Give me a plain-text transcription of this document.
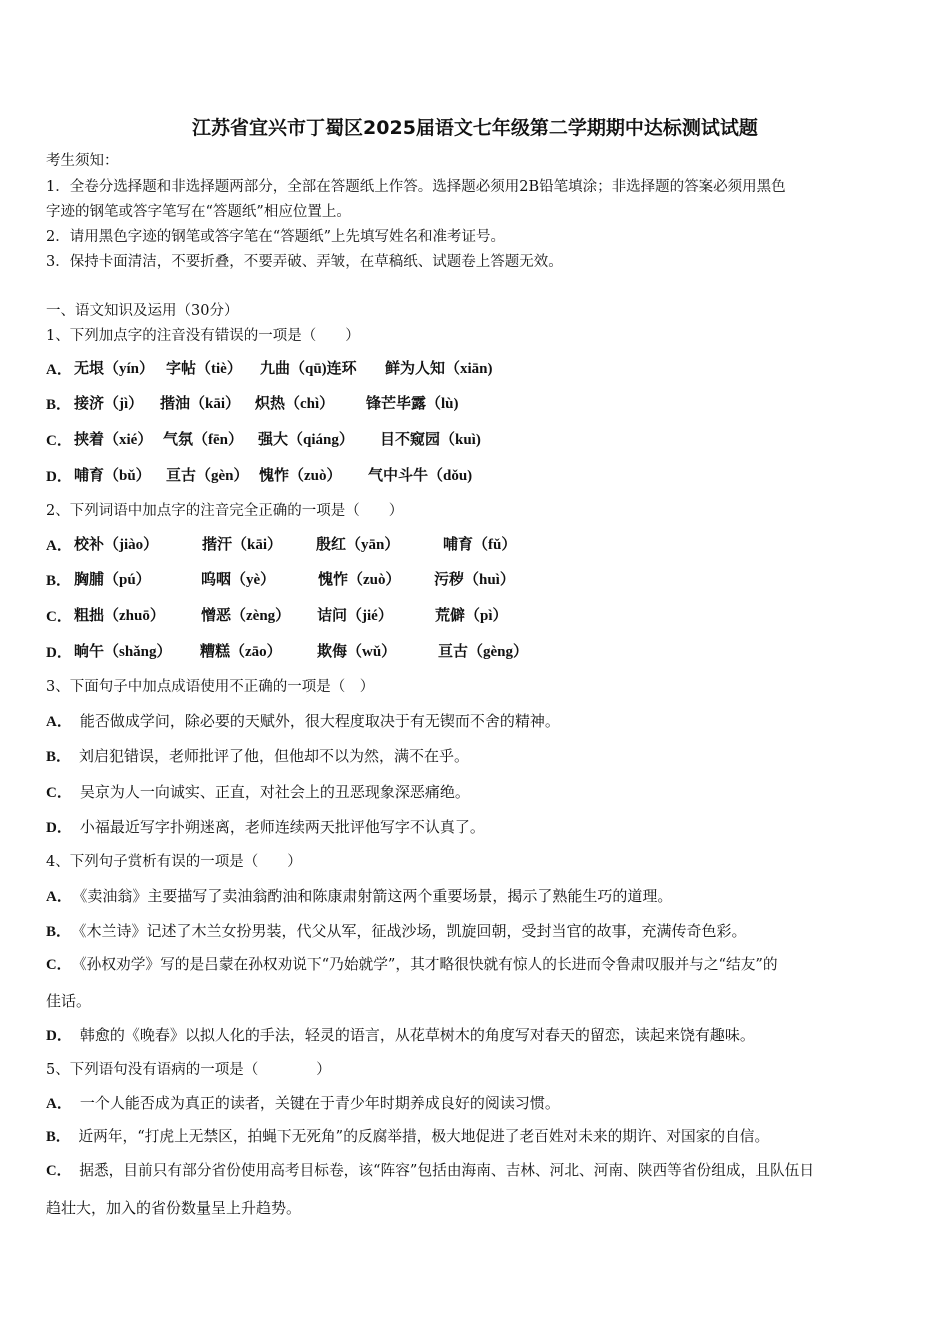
江苏省宜兴市丁蜀区2025届语文七年级第二学期期中达标测试试题
考生须知：
1．全卷分选择题和非选择题两部分，全部在答题纸上作答。选择题必须用2B铅笔填涂；非选择题的答案必须用黑色
字迹的钢笔或答字笔写在“答题纸”相应位置上。
2．请用黑色字迹的钢笔或答字笔在“答题纸”上先填写姓名和准考证号。
3．保持卡面清洁，不要折叠，不要弄破、弄皱，在草稿纸、试题卷上答题无效。
一、语文知识及运用（30分）
1、下列加点字的注音没有错误的一项是（　　）
A． 无垠（yín） 字帖（tiè） 九曲（qū)连环 鲜为人知（xiān)
B． 接济（jì） 揩油（kāi） 炽热（chì） 锋芒毕露（lù)
C． 挟着（xié） 气氛（fēn） 强大（qiáng） 目不窥园（kuì)
D． 哺育（bǔ） 亘古（gèn） 愧怍（zuò） 气中斗牛（dǒu)
2、下列词语中加点字的注音完全正确的一项是（　　）
A． 校补（jiào）	揩汗（kāi） 殷红（yān）	哺育（fǔ）
B． 胸脯（pú）	呜咽（yè）	愧怍（zuò） 污秽（huì）
C． 粗拙（zhuō） 憎恶（zèng） 诘问（jié）	荒僻（pì）
D． 晌午（shǎng） 糟糕（zāo） 欺侮（wǔ）	亘古（gèng）
3、下面句子中加点成语使用不正确的一项是（　）
A． 能否做成学问，除必要的天赋外，很大程度取决于有无锲而不舍的精神。
B． 刘启犯错误，老师批评了他，但他却不以为然，满不在乎。
C． 吴京为人一向诚实、正直，对社会上的丑恶现象深恶痛绝。
D． 小福最近写字扑朔迷离，老师连续两天批评他写字不认真了。
4、下列句子赏析有误的一项是（　　）
A． 《卖油翁》主要描写了卖油翁酌油和陈康肃射箭这两个重要场景，揭示了熟能生巧的道理。
B． 《木兰诗》记述了木兰女扮男装，代父从军，征战沙场，凯旋回朝，受封当官的故事，充满传奇色彩。
C． 《孙权劝学》写的是吕蒙在孙权劝说下“乃始就学”，其才略很快就有惊人的长进而令鲁肃叹服并与之“结友”的
佳话。
D． 韩愈的《晚春》以拟人化的手法，轻灵的语言，从花草树木的角度写对春天的留恋，读起来饶有趣味。
5、下列语句没有语病的一项是（　　　　）
A． 一个人能否成为真正的读者，关键在于青少年时期养成良好的阅读习惯。
B． 近两年，“打虎上无禁区，拍蝇下无死角”的反腐举措，极大地促进了老百姓对未来的期许、对国家的自信。
C． 据悉，目前只有部分省份使用高考目标卷，该“阵容”包括由海南、吉林、河北、河南、陕西等省份组成，且队伍日
趋壮大，加入的省份数量呈上升趋势。
